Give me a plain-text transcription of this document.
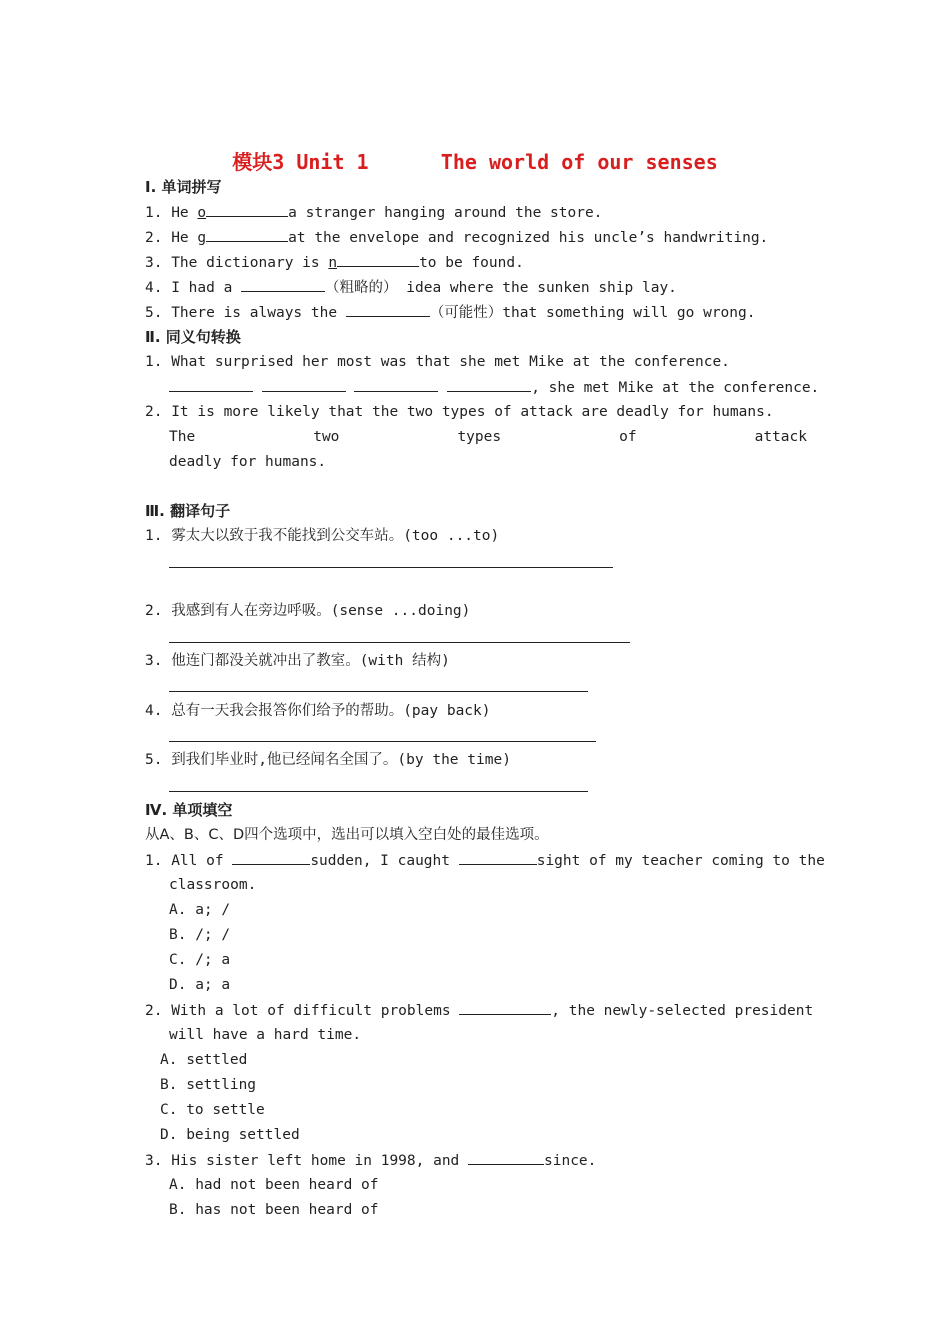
模块3 Unit 1      The world of our senses
Ⅰ. 单词拼写
1. He o	a stranger hanging around the store.
2. He g	at the envelope and recognized his uncle’s handwriting.
3. The dictionary is n	to be found.
4. I had a	（粗略的） idea where the sunken ship lay.
5. There is always the	（可能性）that something will go wrong.
Ⅱ. 同义句转换
1. What surprised her most was that she met Mike at the conference.
, she met Mike at the conference.
2. It is more likely that the two types of attack are deadly for humans.
The	two	types	of	attack
deadly for humans.
Ⅲ. 翻译句子
1. 雾太大以致于我不能找到公交车站。(too ...to)
2. 我感到有人在旁边呼吸。(sense ...doing)
3. 他连门都没关就冲出了教室。(with 结构)
4. 总有一天我会报答你们给予的帮助。(pay back)
5. 到我们毕业时,他已经闻名全国了。(by the time)
Ⅳ. 单项填空
从A、B、C、D四个选项中，选出可以填入空白处的最佳选项。
1. All of	sudden, I caught	sight of my teacher coming to the
classroom.
A. a; /
B. /; /
C. /; a
D. a; a
2. With a lot of difficult problems	, the newly-selected president
will have a hard time.
A. settled
B. settling
C. to settle
D. being settled
3. His sister left home in 1998, and	since.
A. had not been heard of
B. has not been heard of
